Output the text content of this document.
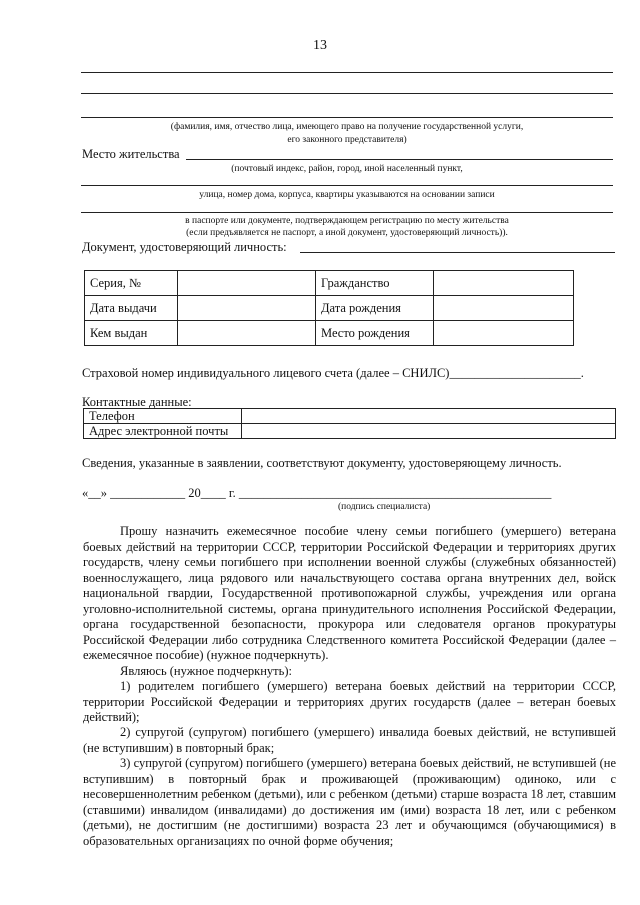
13
(фамилия, имя, отчество лица, имеющего право на получение государственной услуги,
его законного представителя)
Место жительства
(почтовый индекс, район, город, иной населенный пункт,
улица, номер дома, корпуса, квартиры указываются на основании записи
в паспорте или документе, подтверждающем регистрацию по месту жительства
(если предъявляется не паспорт, а иной документ, удостоверяющий личность)).
Документ, удостоверяющий личность:
Серия, №		Гражданство	
Дата выдачи		Дата рождения	
Кем выдан		Место рождения	
Страховой номер индивидуального лицевого счета (далее – СНИЛС)_____________________.
Контактные данные:
Телефон	
Адрес электронной почты	
Сведения, указанные в заявлении, соответствуют документу, удостоверяющему личность.
«__» ____________ 20____ г. __________________________________________________
(подпись специалиста)
Прошу назначить ежемесячное пособие члену семьи погибшего (умершего) ветерана боевых действий на территории СССР, территории Российской Федерации и территориях других государств, члену семьи погибшего при исполнении военной службы (служебных обязанностей) военнослужащего, лица рядового или начальствующего состава органа внутренних дел, войск национальной гвардии, Государственной противопожарной службы, учреждения или органа уголовно-исполнительной системы, органа принудительного исполнения Российской Федерации, органа государственной безопасности, прокурора или следователя органов прокуратуры Российской Федерации либо сотрудника Следственного комитета Российской Федерации (далее – ежемесячное пособие) (нужное подчеркнуть).
Являюсь (нужное подчеркнуть):
1) родителем погибшего (умершего) ветерана боевых действий на территории СССР, территории Российской Федерации и территориях других государств (далее – ветеран боевых действий);
2) супругой (супругом) погибшего (умершего) инвалида боевых действий, не вступившей (не вступившим) в повторный брак;
3) супругой (супругом) погибшего (умершего) ветерана боевых действий, не вступившей (не вступившим) в повторный брак и проживающей (проживающим) одиноко, или с несовершеннолетним ребенком (детьми), или с ребенком (детьми) старше возраста 18 лет, ставшим (ставшими) инвалидом (инвалидами) до достижения им (ими) возраста 18 лет, или с ребенком (детьми), не достигшим (не достигшими) возраста 23 лет и обучающимся (обучающимися) в образовательных организациях по очной форме обучения;
